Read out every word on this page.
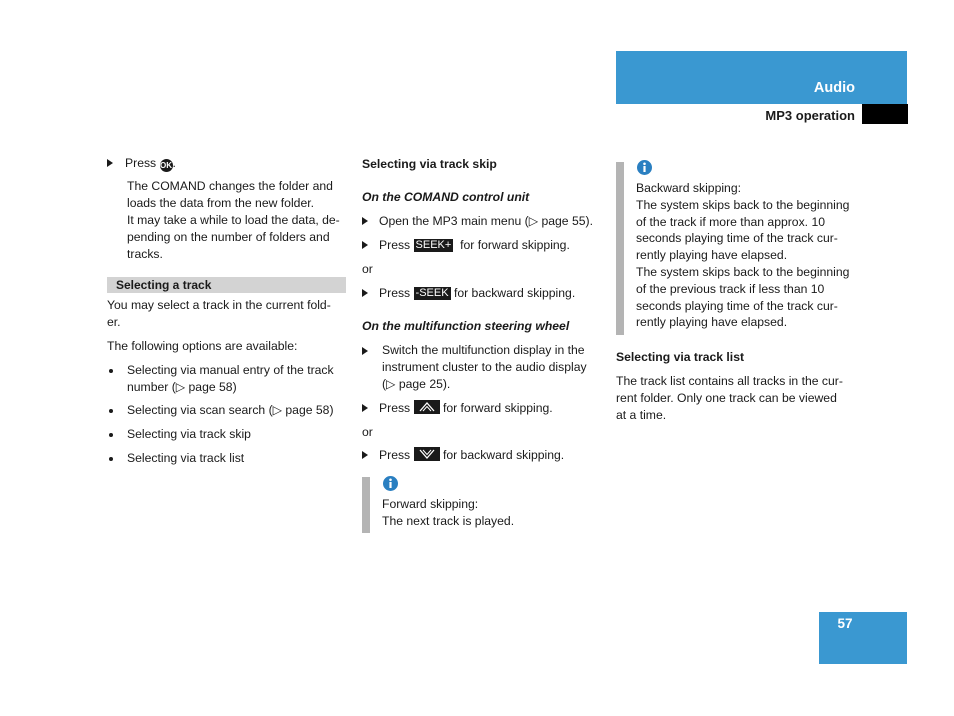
Audio
MP3 operation
Press OK.
The COMAND changes the folder and
loads the data from the new folder.
It may take a while to load the data, de-
pending on the number of folders and
tracks.
Selecting a track
You may select a track in the current fold-
er.
The following options are available:
Selecting via manual entry of the track
number (▷ page 58)
Selecting via scan search (▷ page 58)
Selecting via track skip
Selecting via track list
Selecting via track skip
On the COMAND control unit
Open the MP3 main menu (▷ page 55).
Press SEEK+ for forward skipping.
or
Press -SEEK for backward skipping.
On the multifunction steering wheel
Switch the multifunction display in the
instrument cluster to the audio display
(▷ page 25).
Press	for forward skipping.
or
Press	for backward skipping.
Forward skipping:
The next track is played.
Backward skipping:
The system skips back to the beginning
of the track if more than approx. 10
seconds playing time of the track cur-
rently playing have elapsed.
The system skips back to the beginning
of the previous track if less than 10
seconds playing time of the track cur-
rently playing have elapsed.
Selecting via track list
The track list contains all tracks in the cur-
rent folder. Only one track can be viewed
at a time.
57
